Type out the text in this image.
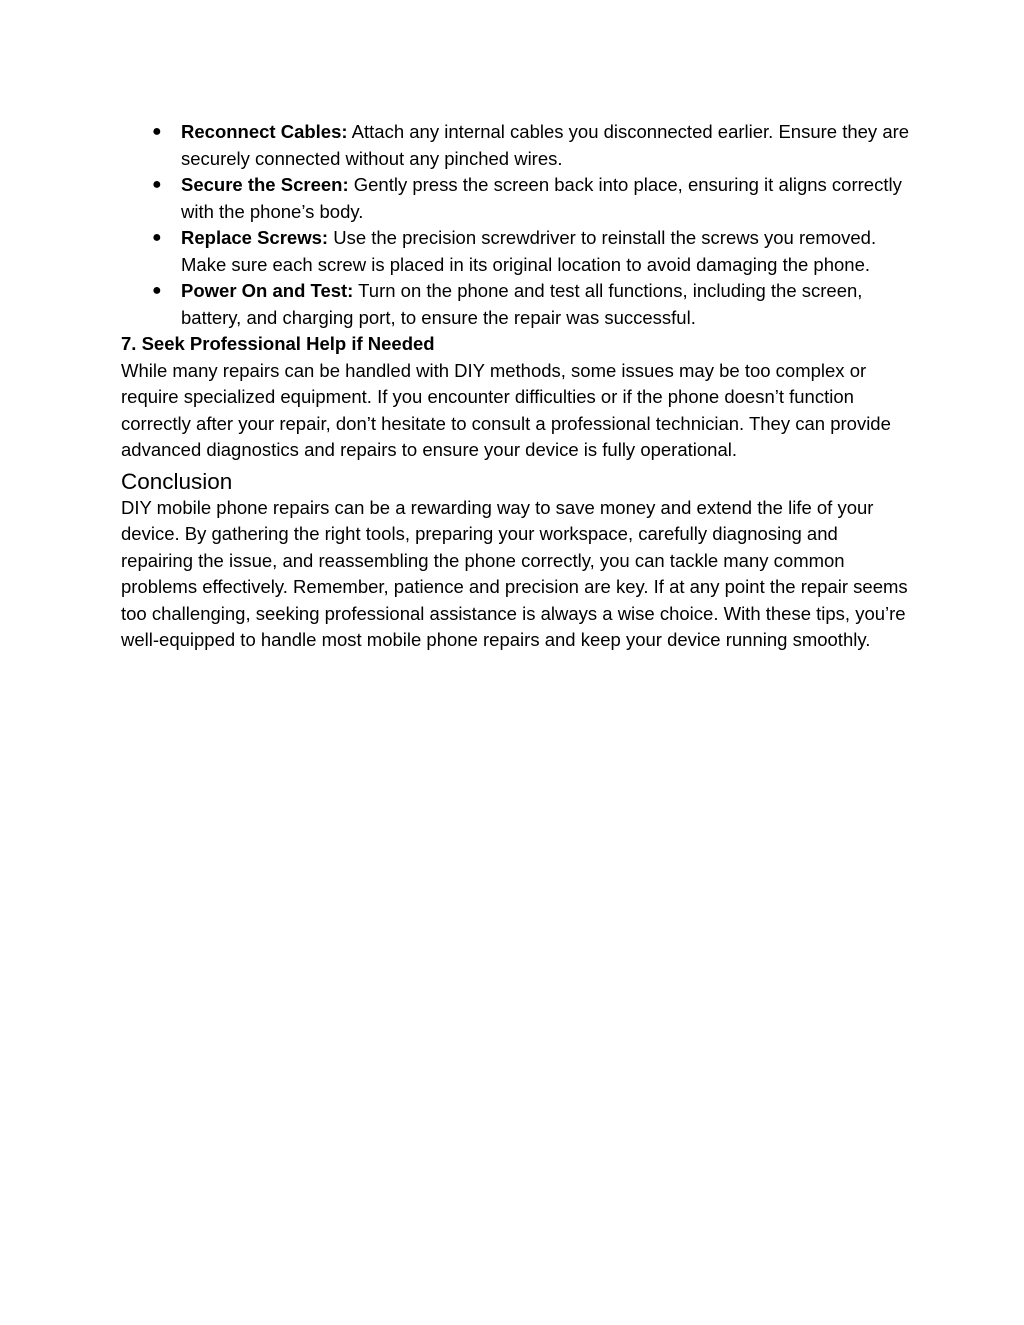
● Reconnect Cables: Attach any internal cables you disconnected earlier. Ensure they are securely connected without any pinched wires.
● Secure the Screen: Gently press the screen back into place, ensuring it aligns correctly with the phone’s body.
● Replace Screws: Use the precision screwdriver to reinstall the screws you removed. Make sure each screw is placed in its original location to avoid damaging the phone.
● Power On and Test: Turn on the phone and test all functions, including the screen, battery, and charging port, to ensure the repair was successful.
7. Seek Professional Help if Needed

While many repairs can be handled with DIY methods, some issues may be too complex or require specialized equipment. If you encounter difficulties or if the phone doesn’t function correctly after your repair, don’t hesitate to consult a professional technician. They can provide advanced diagnostics and repairs to ensure your device is fully operational.

Conclusion

DIY mobile phone repairs can be a rewarding way to save money and extend the life of your device. By gathering the right tools, preparing your workspace, carefully diagnosing and repairing the issue, and reassembling the phone correctly, you can tackle many common problems effectively. Remember, patience and precision are key. If at any point the repair seems too challenging, seeking professional assistance is always a wise choice. With these tips, you’re well-equipped to handle most mobile phone repairs and keep your device running smoothly.
